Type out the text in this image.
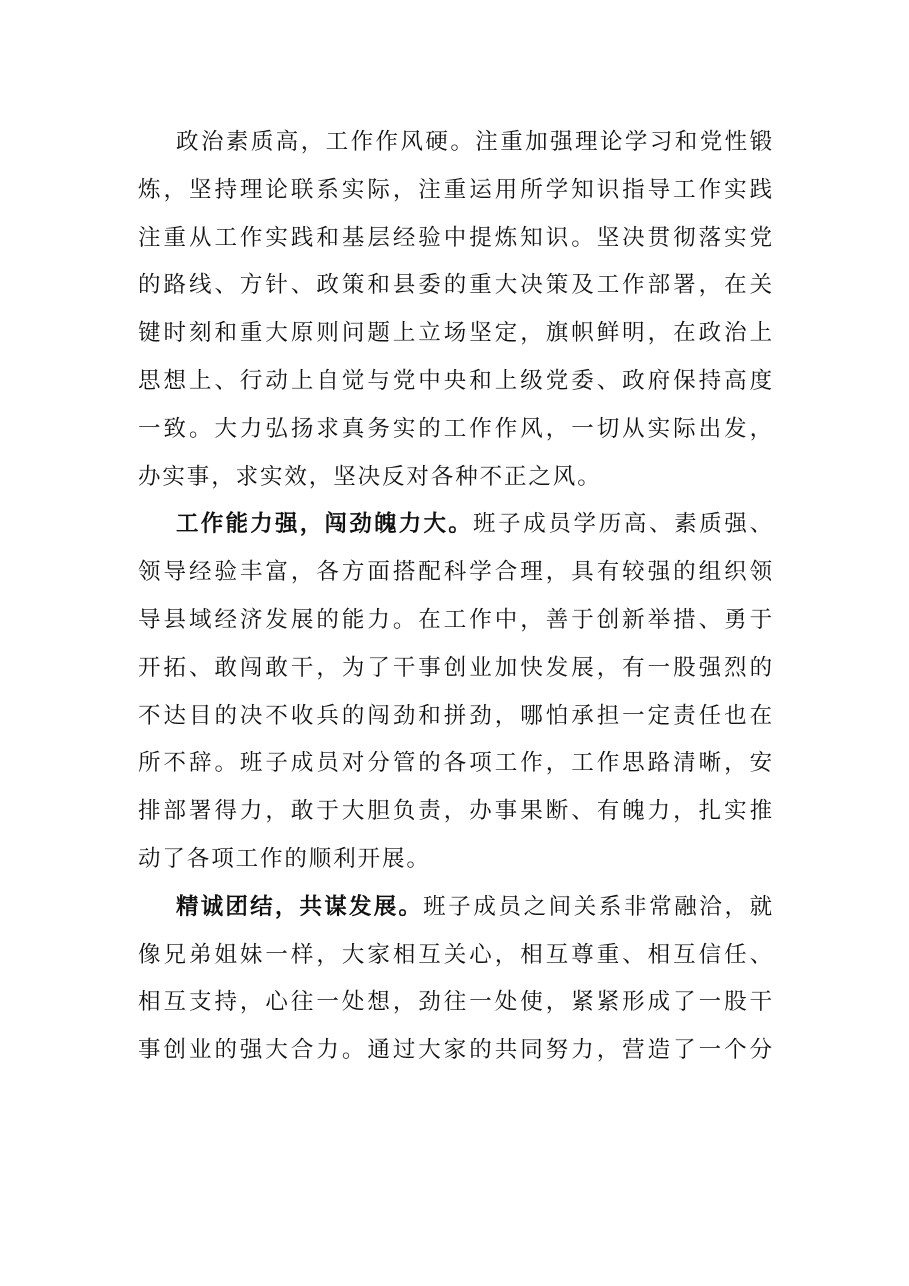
政治素质高，工作作风硬。注重加强理论学习和党性锻
炼，坚持理论联系实际，注重运用所学知识指导工作实践
注重从工作实践和基层经验中提炼知识。坚决贯彻落实党
的路线、方针、政策和县委的重大决策及工作部署，在关
键时刻和重大原则问题上立场坚定，旗帜鲜明，在政治上
思想上、行动上自觉与党中央和上级党委、政府保持高度
一致。大力弘扬求真务实的工作作风，一切从实际出发，
办实事，求实效，坚决反对各种不正之风。
工作能力强，闯劲魄力大。班子成员学历高、素质强、
领导经验丰富，各方面搭配科学合理，具有较强的组织领
导县域经济发展的能力。在工作中，善于创新举措、勇于
开拓、敢闯敢干，为了干事创业加快发展，有一股强烈的
不达目的决不收兵的闯劲和拼劲，哪怕承担一定责任也在
所不辞。班子成员对分管的各项工作，工作思路清晰，安
排部署得力，敢于大胆负责，办事果断、有魄力，扎实推
动了各项工作的顺利开展。
精诚团结，共谋发展。班子成员之间关系非常融洽，就
像兄弟姐妹一样，大家相互关心，相互尊重、相互信任、
相互支持，心往一处想，劲往一处使，紧紧形成了一股干
事创业的强大合力。通过大家的共同努力，营造了一个分
